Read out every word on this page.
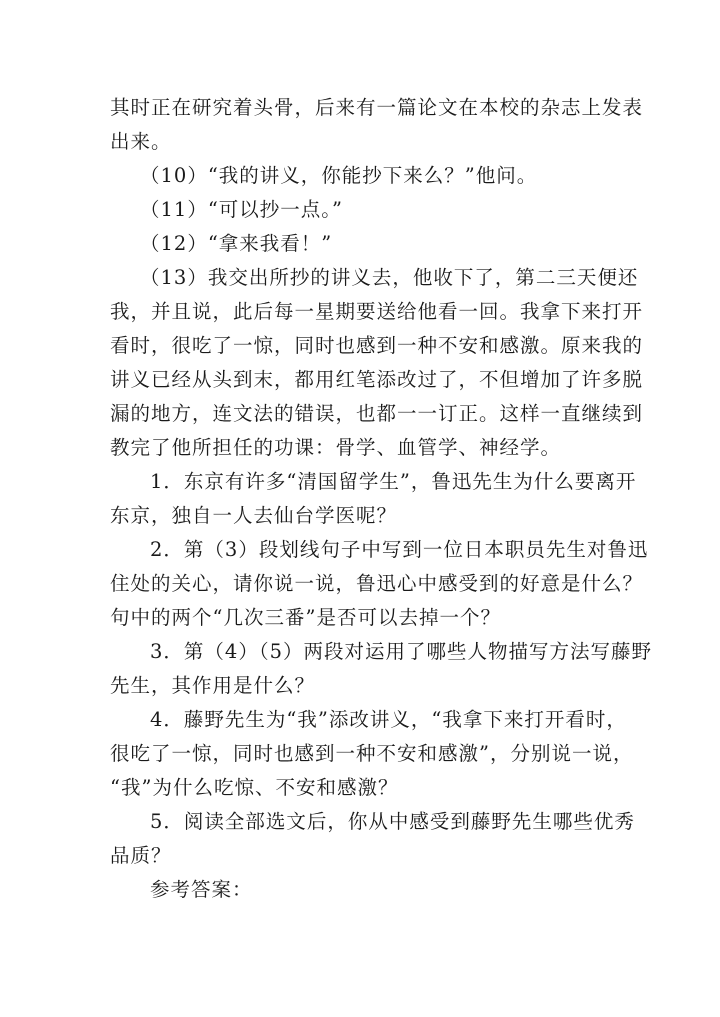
其时正在研究着头骨，后来有一篇论文在本校的杂志上发表
出来。
（10）“我的讲义，你能抄下来么？”他问。
（11）“可以抄一点。”
（12）“拿来我看！”
（13）我交出所抄的讲义去，他收下了，第二三天便还
我，并且说，此后每一星期要送给他看一回。我拿下来打开
看时，很吃了一惊，同时也感到一种不安和感激。原来我的
讲义已经从头到末，都用红笔添改过了，不但增加了许多脱
漏的地方，连文法的错误，也都一一订正。这样一直继续到
教完了他所担任的功课：骨学、血管学、神经学。
1．东京有许多“清国留学生”，鲁迅先生为什么要离开
东京，独自一人去仙台学医呢？
2．第（3）段划线句子中写到一位日本职员先生对鲁迅
住处的关心，请你说一说，鲁迅心中感受到的好意是什么？
句中的两个“几次三番”是否可以去掉一个？
3．第（4）（5）两段对运用了哪些人物描写方法写藤野
先生，其作用是什么？
4．藤野先生为“我”添改讲义，“我拿下来打开看时，
很吃了一惊，同时也感到一种不安和感激”，分别说一说，
“我”为什么吃惊、不安和感激？
5．阅读全部选文后，你从中感受到藤野先生哪些优秀
品质？
参考答案：
